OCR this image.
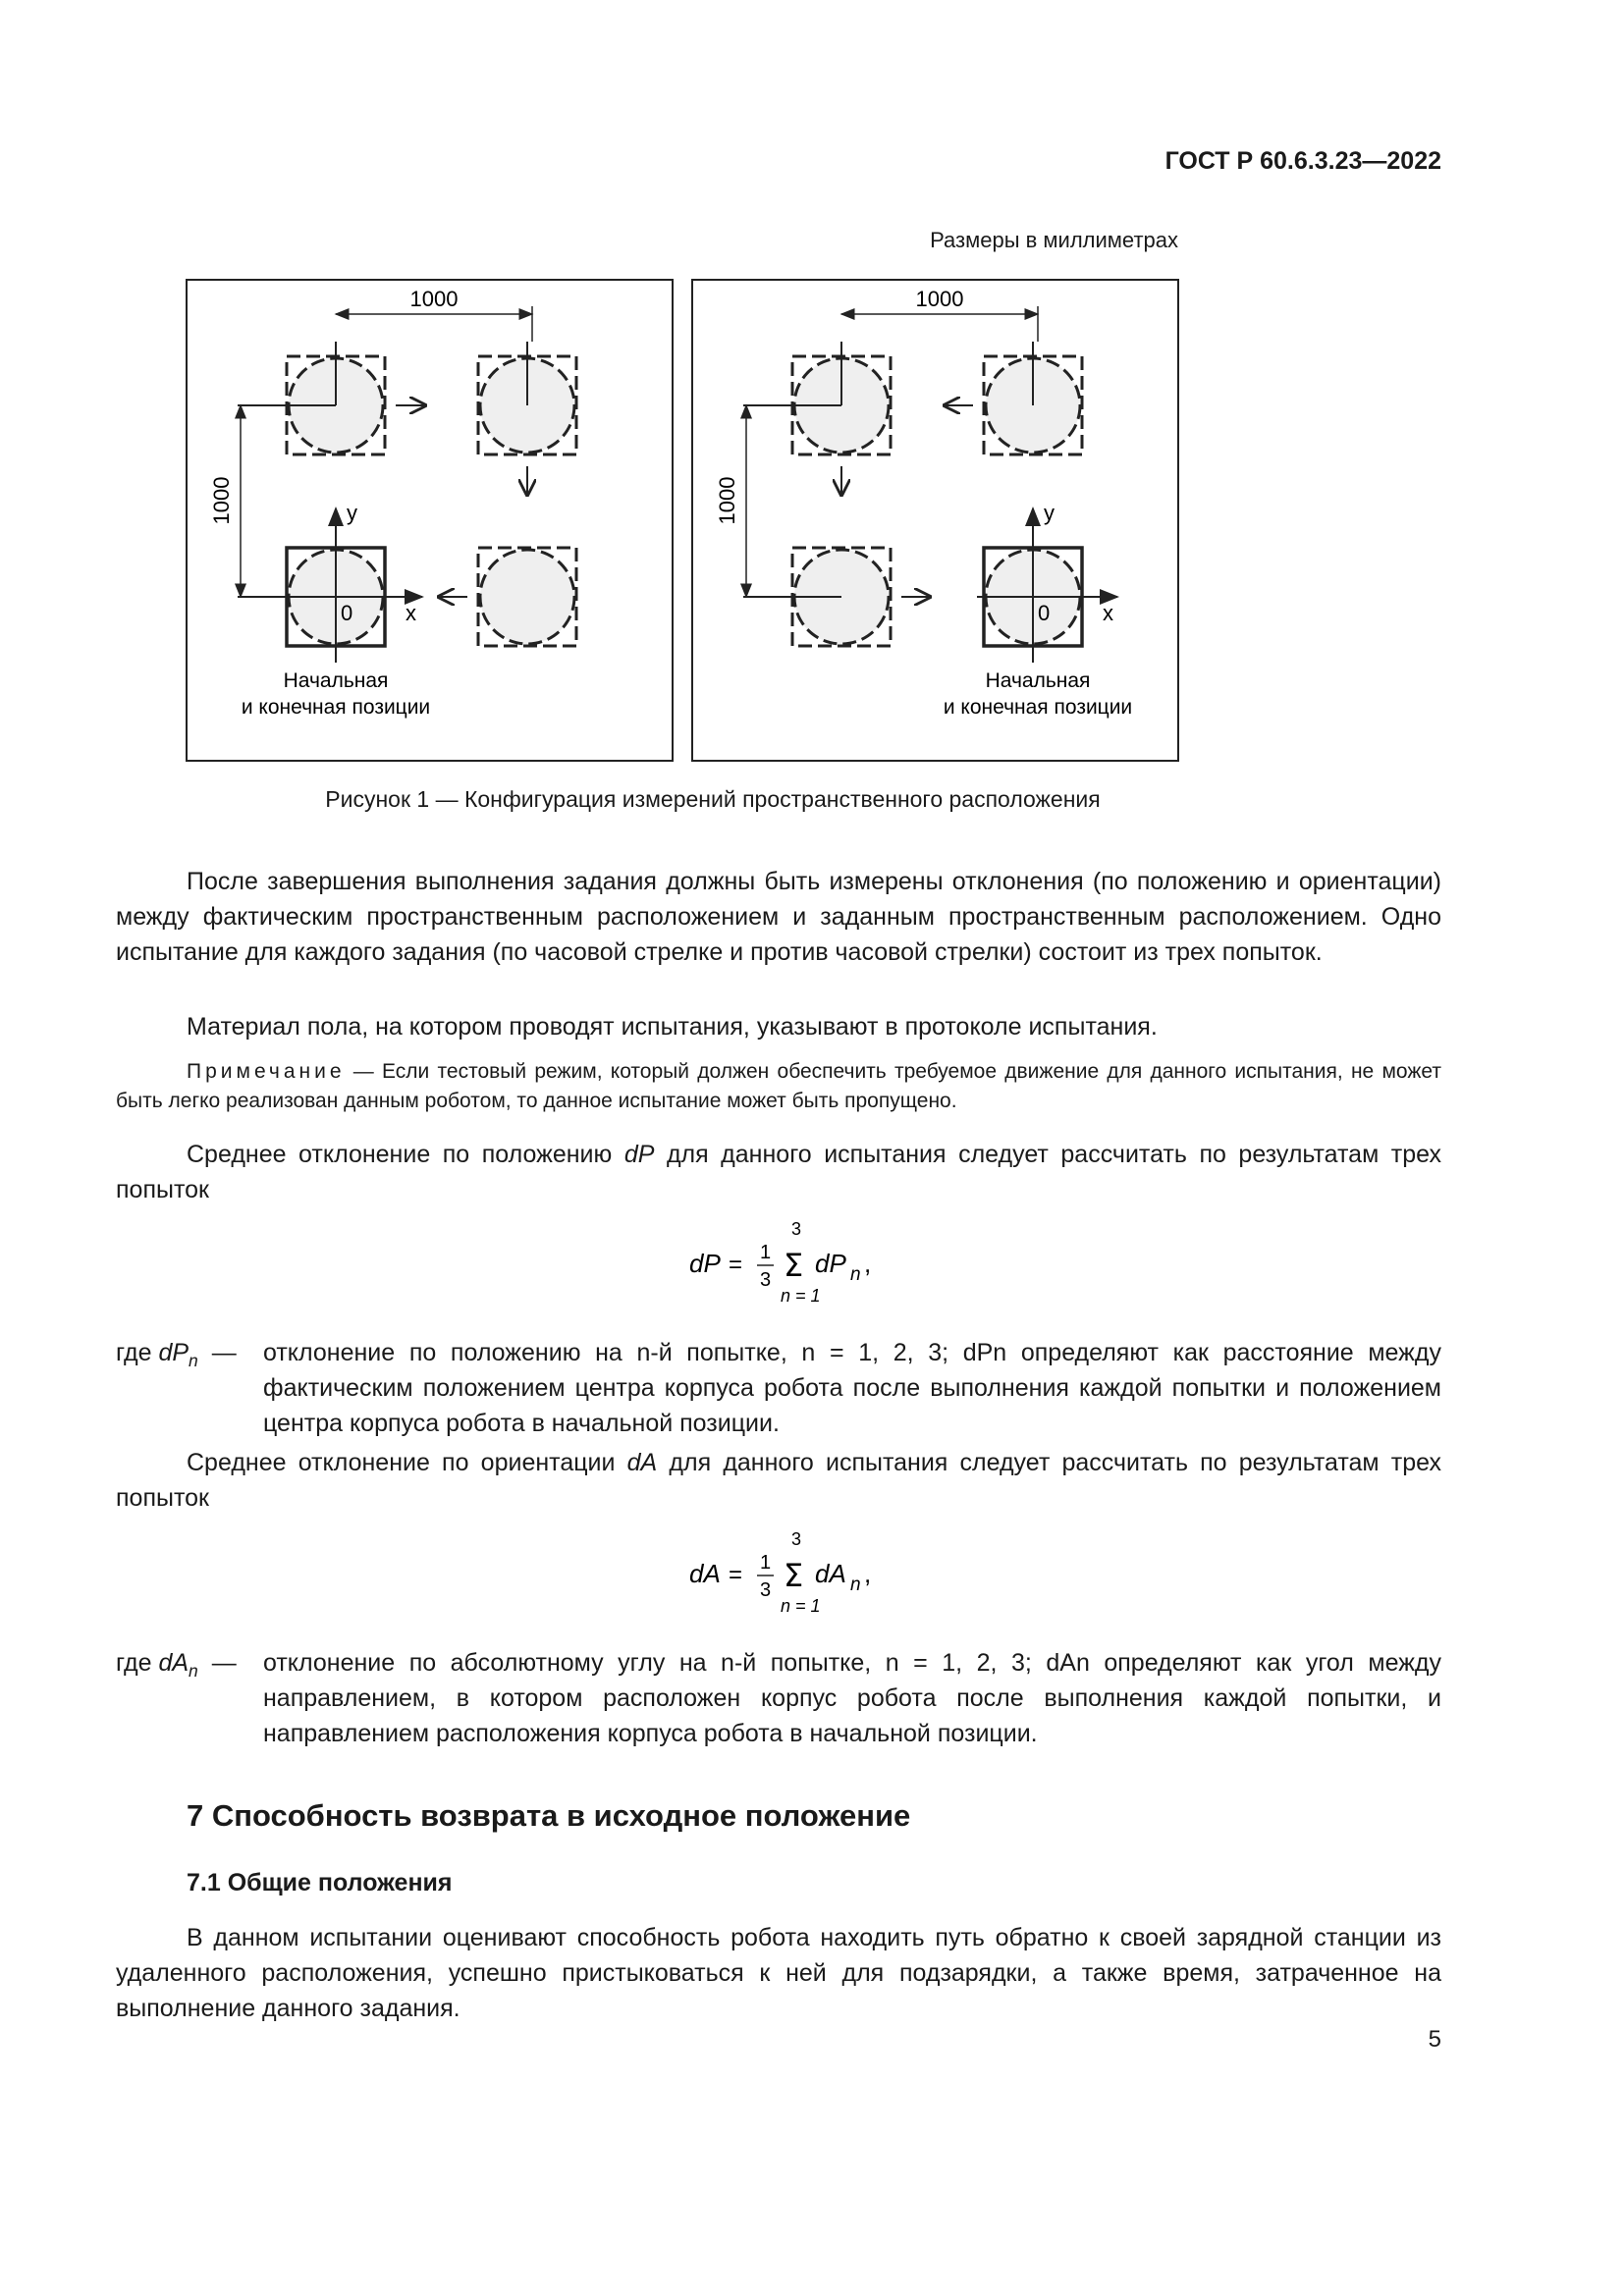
ГОСТ Р 60.6.3.23—2022
Размеры в миллиметрах
1000
1000	y
x
0
Начальная
и конечная позиции
1000
1000	y
x
0
Начальная
и конечная позиции
Рисунок 1 — Конфигурация измерений пространственного расположения
После завершения выполнения задания должны быть измерены отклонения (по положению и ориентации) между фактическим пространственным расположением и заданным пространственным расположением. Одно испытание для каждого задания (по часовой стрелке и против часовой стрелки) состоит из трех попыток.
Материал пола, на котором проводят испытания, указывают в протоколе испытания.
Примечание — Если тестовый режим, который должен обеспечить требуемое движение для данного испытания, не может быть легко реализован данным роботом, то данное испытание может быть пропущено.
Среднее отклонение по положению dP для данного испытания следует рассчитать по результатам трех попыток
dP = 1
3
3
Σ
n = 1
dP n ,
где $dP_n$ — отклонение по положению на n-й попытке, n = 1, 2, 3; dPn определяют как расстояние между фактическим положением центра корпуса робота после выполнения каждой попытки и положением центра корпуса робота в начальной позиции.
Среднее отклонение по ориентации dA для данного испытания следует рассчитать по результатам трех попыток
dA = 1
3
3
Σ
n = 1
dA n ,
где $dA_n$ — отклонение по абсолютному углу на n-й попытке, n = 1, 2, 3; dAn определяют как угол между направлением, в котором расположен корпус робота после выполнения каждой попытки, и направлением расположения корпуса робота в начальной позиции.
7 Способность возврата в исходное положение
7.1 Общие положения
В данном испытании оценивают способность робота находить путь обратно к своей зарядной станции из удаленного расположения, успешно пристыковаться к ней для подзарядки, а также время, затраченное на выполнение данного задания.
5
